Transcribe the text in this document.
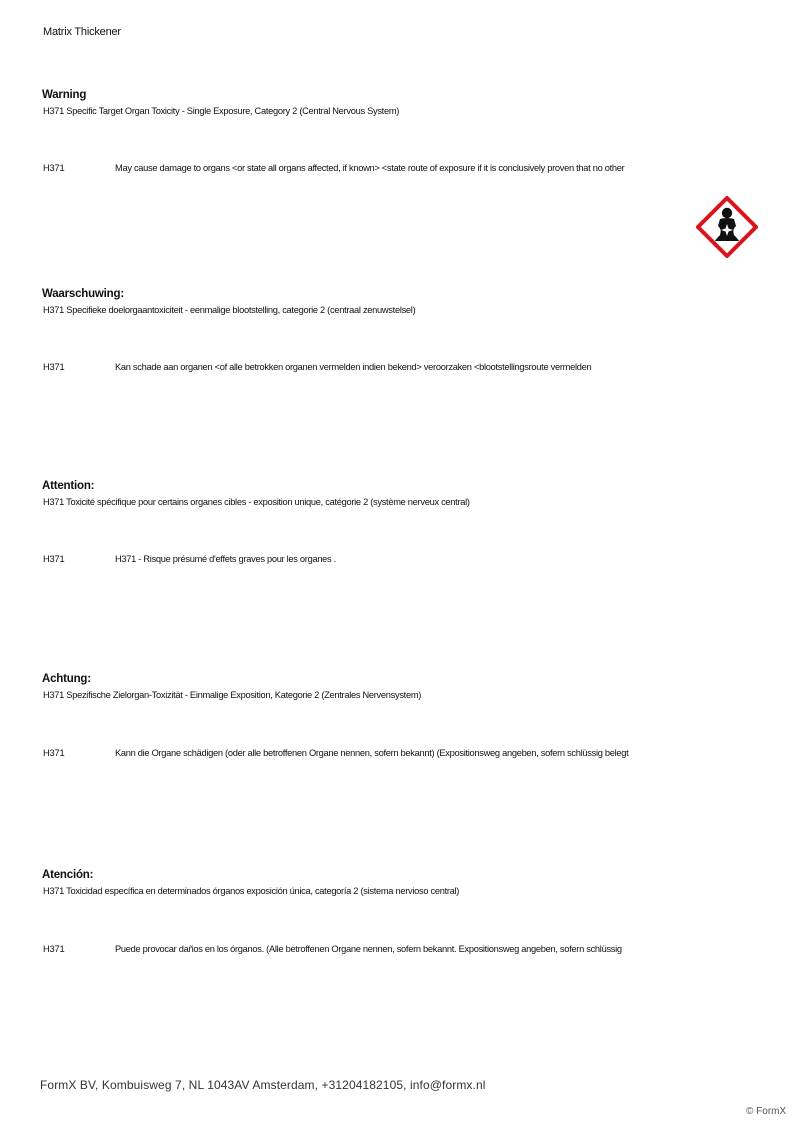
Matrix Thickener
Warning
H371 Specific Target Organ Toxicity - Single Exposure, Category 2 (Central Nervous System)
H371	May cause damage to organs <or state all organs affected, if known> <state route of exposure if it is conclusively proven that no other
Waarschuwing:
H371 Specifieke doelorgaantoxiciteit - eenmalige blootstelling, categorie 2 (centraal zenuwstelsel)
H371	Kan schade aan organen <of alle betrokken organen vermelden indien bekend> veroorzaken <blootstellingsroute vermelden
Attention:
H371 Toxicité spécifique pour certains organes cibles - exposition unique, catégorie 2 (système nerveux central)
H371	H371 - Risque présumé d'effets graves pour les organes .
Achtung:
H371 Spezifische Zielorgan-Toxizität - Einmalige Exposition, Kategorie 2 (Zentrales Nervensystem)
H371	Kann die Organe schädigen (oder alle betroffenen Organe nennen, sofern bekannt) (Expositionsweg angeben, sofern schlüssig belegt
Atención:
H371 Toxicidad específica en determinados órganos exposición única, categoría 2 (sistema nervioso central)
H371	Puede provocar daños en los órganos. (Alle betroffenen Organe nennen, sofern bekannt. Expositionsweg angeben, sofern schlüssig
FormX BV, Kombuisweg 7, NL 1043AV Amsterdam, +31204182105, info@formx.nl
© FormX
